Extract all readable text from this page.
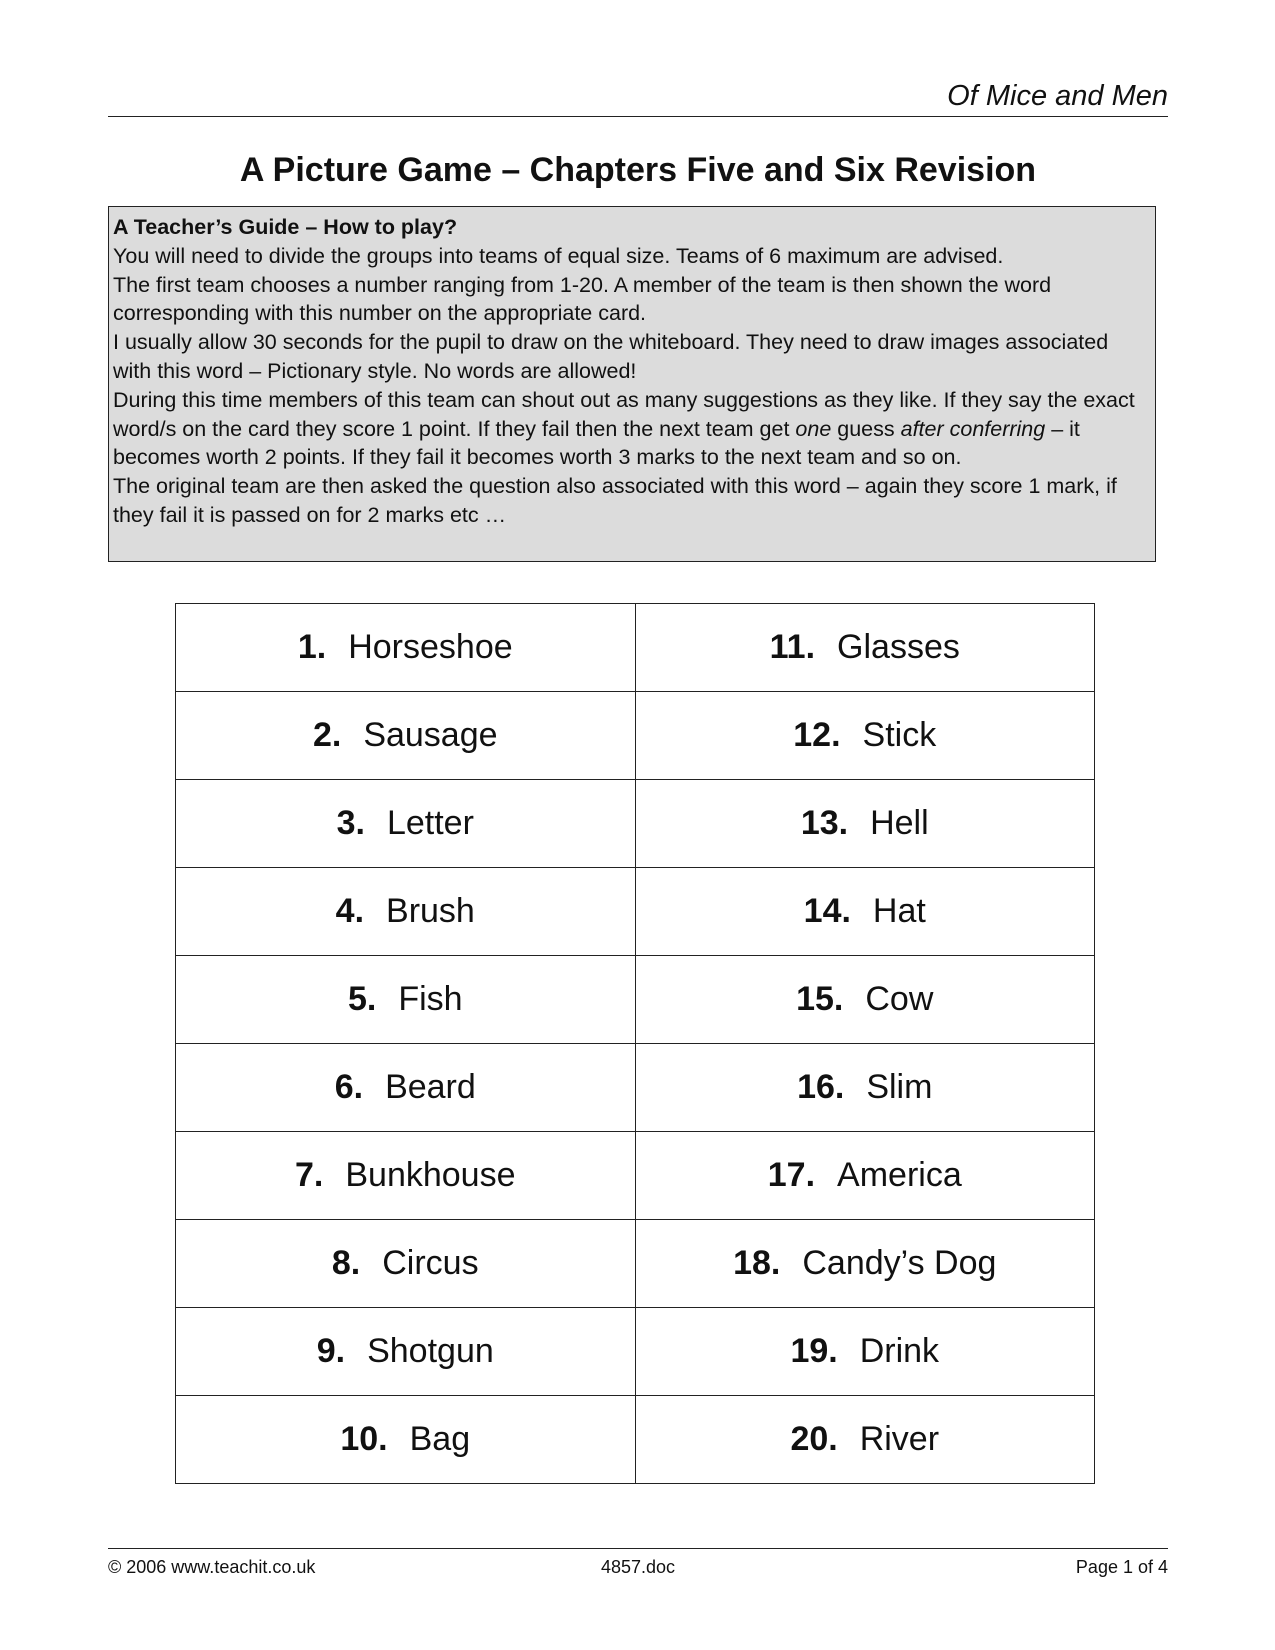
Of Mice and Men
A Picture Game – Chapters Five and Six Revision

A Teacher’s Guide – How to play?

You will need to divide the groups into teams of equal size. Teams of 6 maximum are advised.

The first team chooses a number ranging from 1-20. A member of the team is then shown the word corresponding with this number on the appropriate card.

I usually allow 30 seconds for the pupil to draw on the whiteboard. They need to draw images associated with this word – Pictionary style. No words are allowed!

During this time members of this team can shout out as many suggestions as they like. If they say the exact word/s on the card they score 1 point. If they fail then the next team get one guess after conferring – it becomes worth 2 points. If they fail it becomes worth 3 marks to the next team and so on.

The original team are then asked the question also associated with this word – again they score 1 mark, if they fail it is passed on for 2 marks etc …

1. Horseshoe	11. Glasses
2. Sausage	12. Stick
3. Letter	13. Hell
4. Brush	14. Hat
5. Fish	15. Cow
6. Beard	16. Slim
7. Bunkhouse	17. America
8. Circus	18. Candy’s Dog
9. Shotgun	19. Drink
10. Bag	20. River
© 2006 www.teachit.co.uk	4857.doc	Page 1 of 4
